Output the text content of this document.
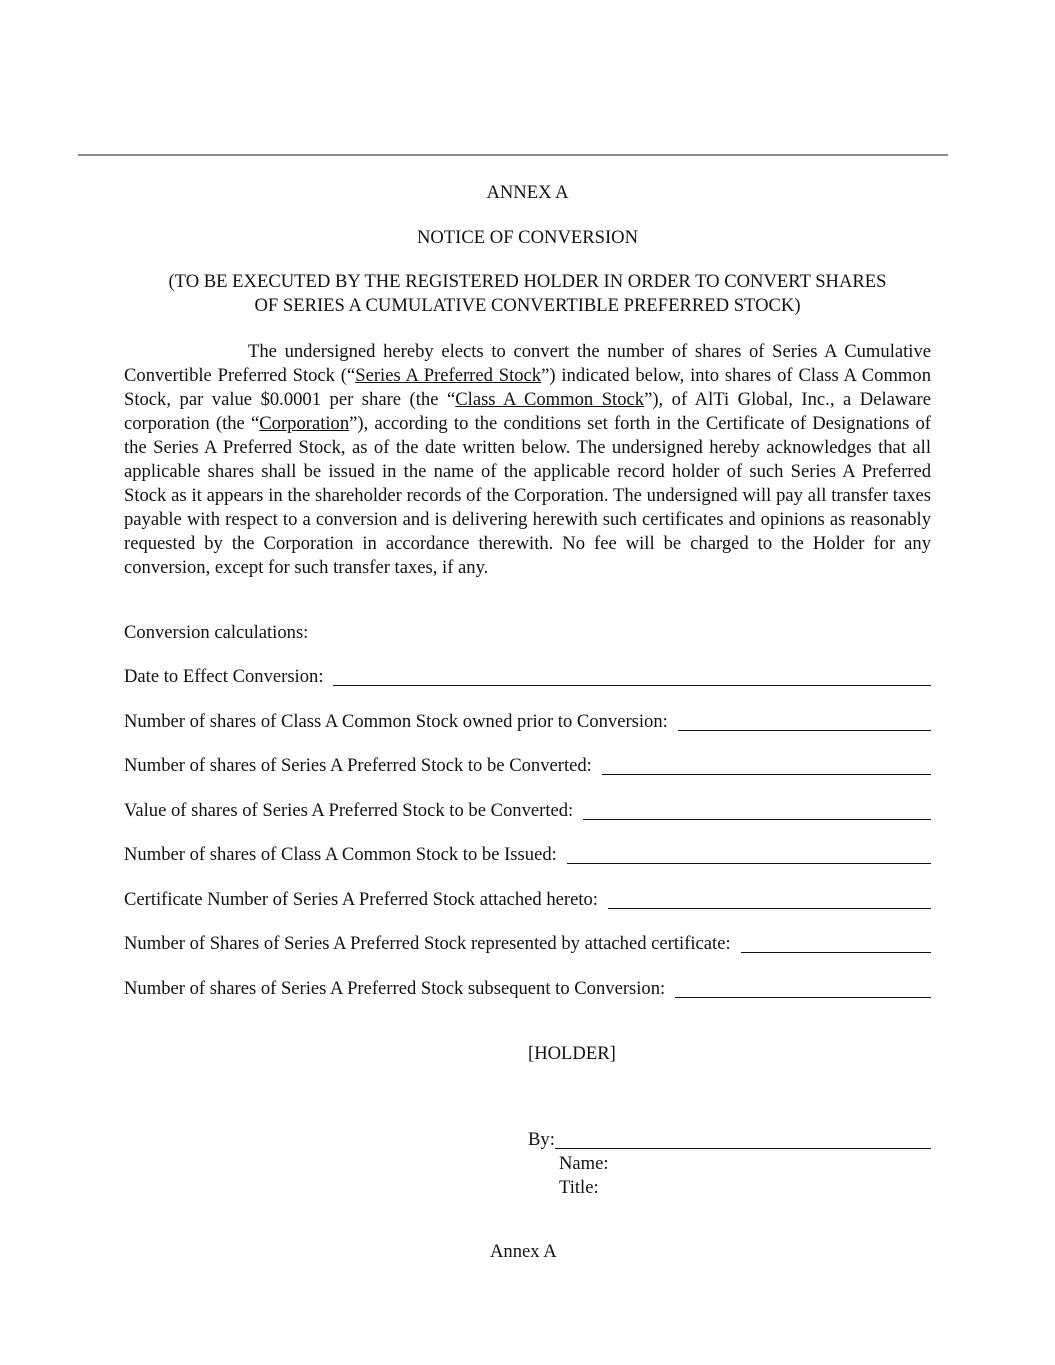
ANNEX A
NOTICE OF CONVERSION
(TO BE EXECUTED BY THE REGISTERED HOLDER IN ORDER TO CONVERT SHARES
OF SERIES A CUMULATIVE CONVERTIBLE PREFERRED STOCK)
The undersigned hereby elects to convert the number of shares of Series A Cumulative Convertible Preferred Stock (“Series A Preferred Stock”) indicated below, into shares of Class A Common Stock, par value $0.0001 per share (the “Class A Common Stock”), of AlTi Global, Inc., a Delaware corporation (the “Corporation”), according to the conditions set forth in the Certificate of Designations of the Series A Preferred Stock, as of the date written below. The undersigned hereby acknowledges that all applicable shares shall be issued in the name of the applicable record holder of such Series A Preferred Stock as it appears in the shareholder records of the Corporation. The undersigned will pay all transfer taxes payable with respect to a conversion and is delivering herewith such certificates and opinions as reasonably requested by the Corporation in accordance therewith. No fee will be charged to the Holder for any conversion, except for such transfer taxes, if any.
Conversion calculations:
Date to Effect Conversion:
Number of shares of Class A Common Stock owned prior to Conversion:
Number of shares of Series A Preferred Stock to be Converted:
Value of shares of Series A Preferred Stock to be Converted:
Number of shares of Class A Common Stock to be Issued:
Certificate Number of Series A Preferred Stock attached hereto:
Number of Shares of Series A Preferred Stock represented by attached certificate:
Number of shares of Series A Preferred Stock subsequent to Conversion:
[HOLDER]
By:
Name:
Title:
Annex A
